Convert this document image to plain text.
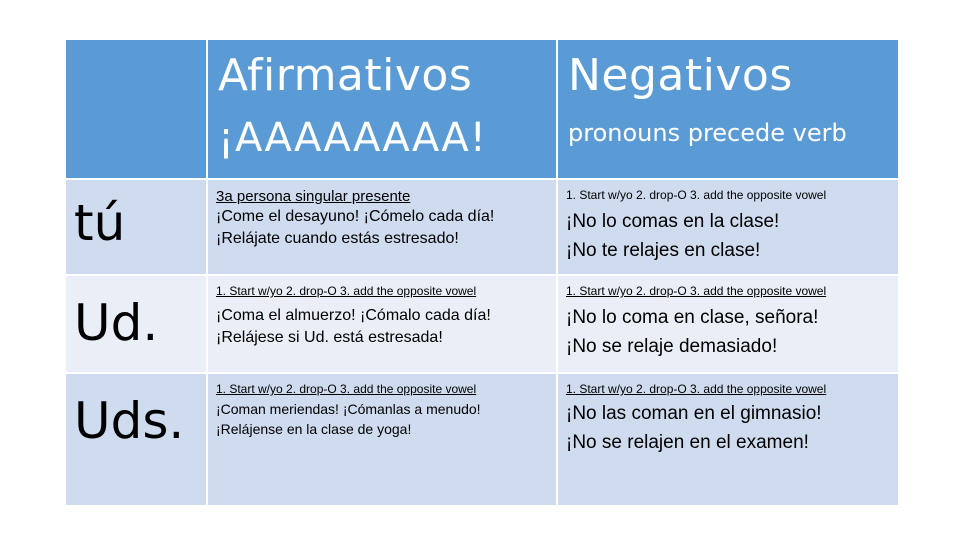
Afirmativos
¡AAAAAAAA!
Negativos
pronouns precede verb
tú	3a persona singular presente
¡Come el desayuno! ¡Cómelo cada día!
¡Relájate cuando estás estresado!
1. Start w/yo 2. drop-O 3. add the opposite vowel
¡No lo comas en la clase!
¡No te relajes en clase!
Ud.
1. Start w/yo 2. drop-O 3. add the opposite vowel
¡Coma el almuerzo! ¡Cómalo cada día!
¡Relájese si Ud. está estresada!
1. Start w/yo 2. drop-O 3. add the opposite vowel
¡No lo coma en clase, señora!
¡No se relaje demasiado!
Uds.
1. Start w/yo 2. drop-O 3. add the opposite vowel
¡Coman meriendas! ¡Cómanlas a menudo!
¡Relájense en la clase de yoga!
1. Start w/yo 2. drop-O 3. add the opposite vowel
¡No las coman en el gimnasio!
¡No se relajen en el examen!
